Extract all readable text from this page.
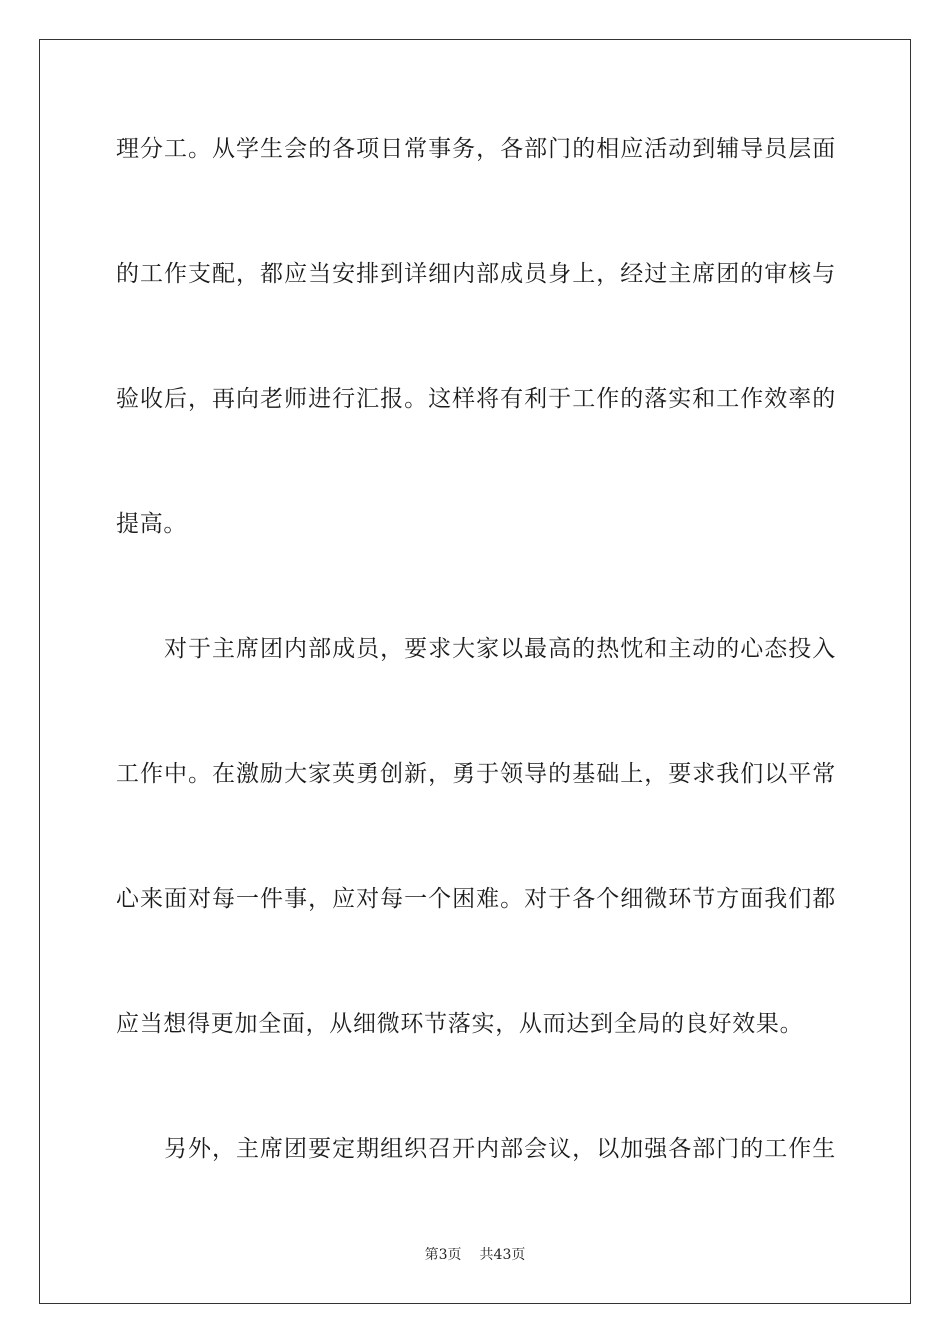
理分工。从学生会的各项日常事务，各部门的相应活动到辅导员层面
的工作支配，都应当安排到详细内部成员身上，经过主席团的审核与
验收后，再向老师进行汇报。这样将有利于工作的落实和工作效率的
提高。
对于主席团内部成员，要求大家以最高的热忱和主动的心态投入
工作中。在激励大家英勇创新，勇于领导的基础上，要求我们以平常
心来面对每一件事，应对每一个困难。对于各个细微环节方面我们都
应当想得更加全面，从细微环节落实，从而达到全局的良好效果。
另外，主席团要定期组织召开内部会议，以加强各部门的工作生
第3页 共43页
